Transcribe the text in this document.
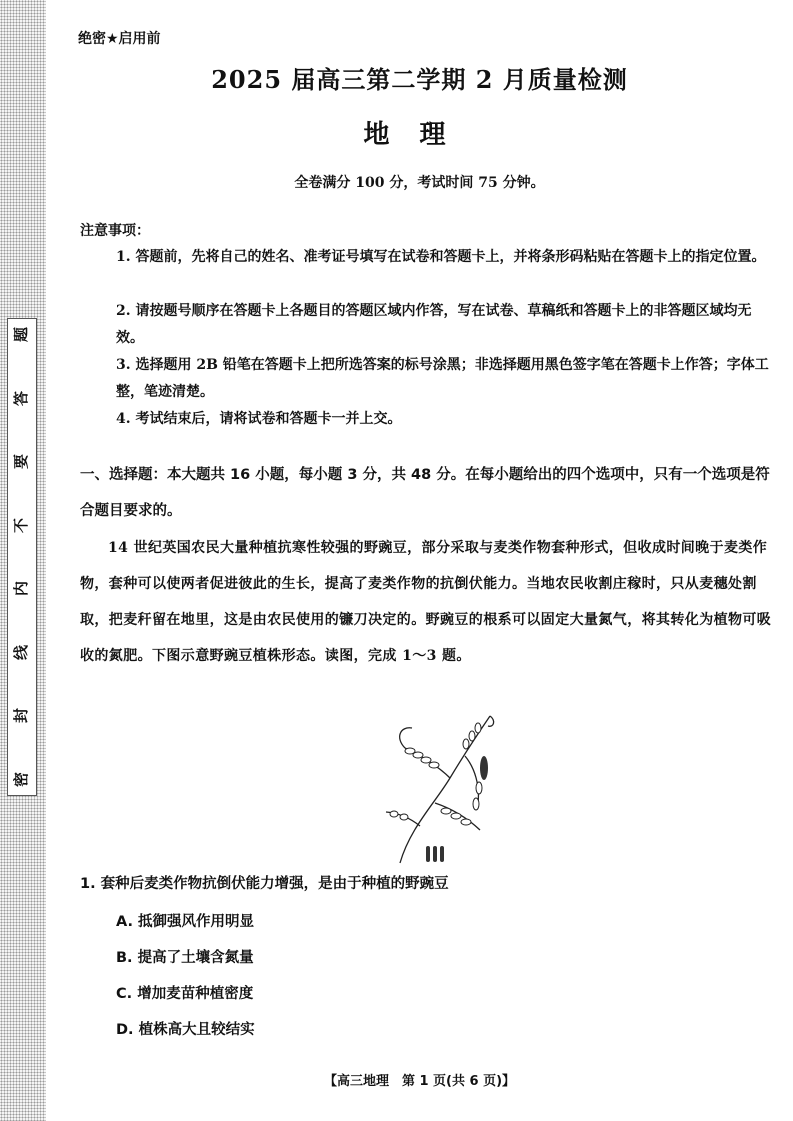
题
答
要
不
内
线
封
密
绝密★启用前
2025 届高三第二学期 2 月质量检测
地理
全卷满分 100 分，考试时间 75 分钟。
注意事项：
1. 答题前，先将自己的姓名、准考证号填写在试卷和答题卡上，并将条形码粘贴在答题卡上的指定位置。
2. 请按题号顺序在答题卡上各题目的答题区域内作答，写在试卷、草稿纸和答题卡上的非答题区域均无效。
3. 选择题用 2B 铅笔在答题卡上把所选答案的标号涂黑；非选择题用黑色签字笔在答题卡上作答；字体工整，笔迹清楚。
4. 考试结束后，请将试卷和答题卡一并上交。
一、选择题：本大题共 16 小题，每小题 3 分，共 48 分。在每小题给出的四个选项中，只有一个选项是符合题目要求的。

14 世纪英国农民大量种植抗寒性较强的野豌豆，部分采取与麦类作物套种形式，但收成时间晚于麦类作物，套种可以使两者促进彼此的生长，提高了麦类作物的抗倒伏能力。当地农民收割庄稼时，只从麦穗处割取，把麦秆留在地里，这是由农民使用的镰刀决定的。野豌豆的根系可以固定大量氮气，将其转化为植物可吸收的氮肥。下图示意野豌豆植株形态。读图，完成 1～3 题。

1. 套种后麦类作物抗倒伏能力增强，是由于种植的野豌豆
A. 抵御强风作用明显
B. 提高了土壤含氮量
C. 增加麦苗种植密度
D. 植株高大且较结实
【高三地理　第 1 页(共 6 页)】
